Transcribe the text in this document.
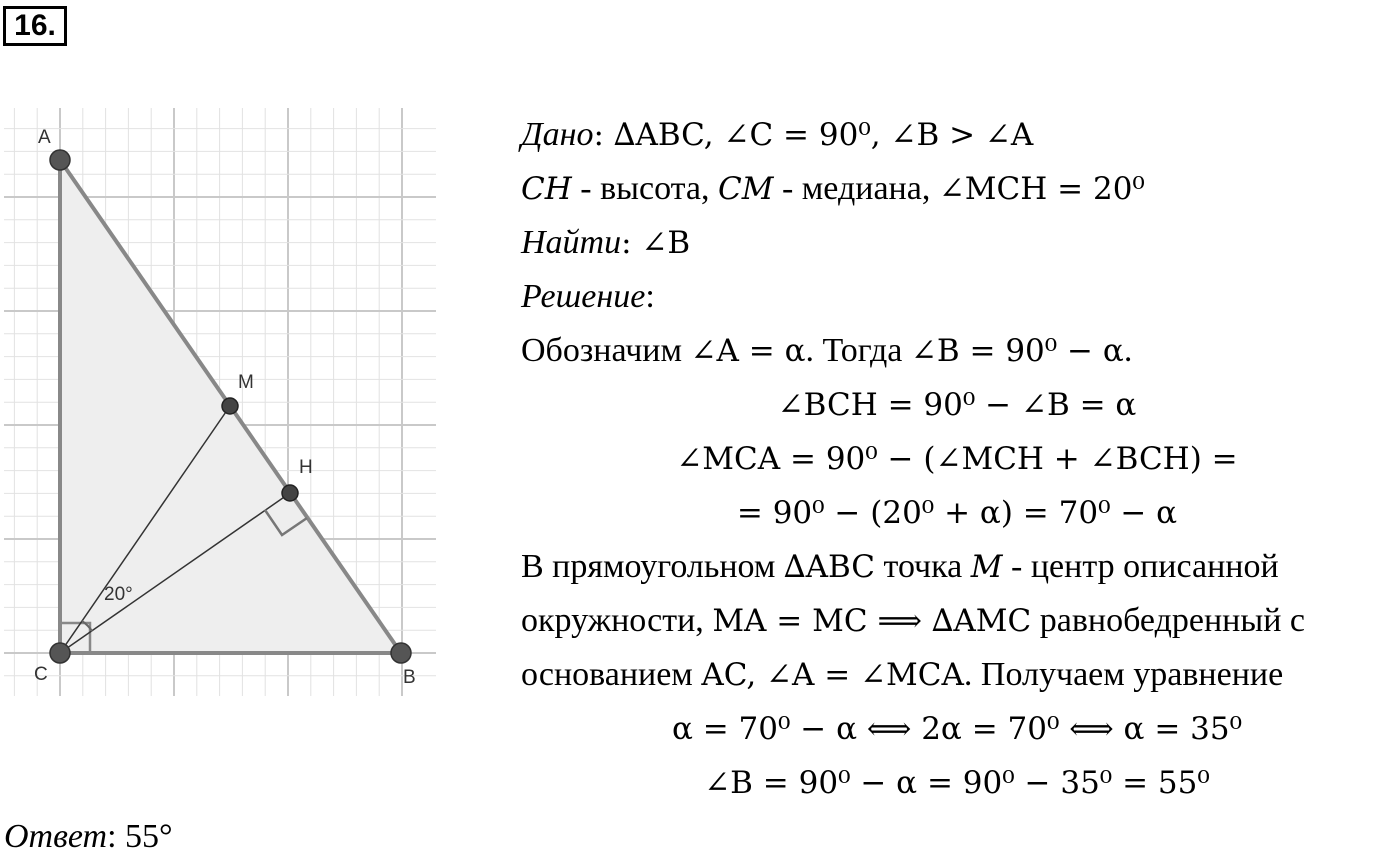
16.
20°
A
M
H
C	B
Дано: ∆ABC, ∠C = 90⁰, ∠B > ∠A
CH - высота, CM - медиана, ∠MCH = 20⁰
Найти: ∠B
Решение:
Обозначим ∠A = α. Тогда ∠B = 90⁰ − α.
∠BCH = 90⁰ − ∠B = α
∠MCA = 90⁰ − (∠MCH + ∠BCH) =
= 90⁰ − (20⁰ + α) = 70⁰ − α
В прямоугольном ∆ABC точка M - центр описанной
окружности, MA = MC ⟹ ∆AMC равнобедренный с
основанием AC, ∠A = ∠MCA. Получаем уравнение
α = 70⁰ − α ⟺ 2α = 70⁰ ⟺ α = 35⁰
∠B = 90⁰ − α = 90⁰ − 35⁰ = 55⁰
Ответ: 55°
